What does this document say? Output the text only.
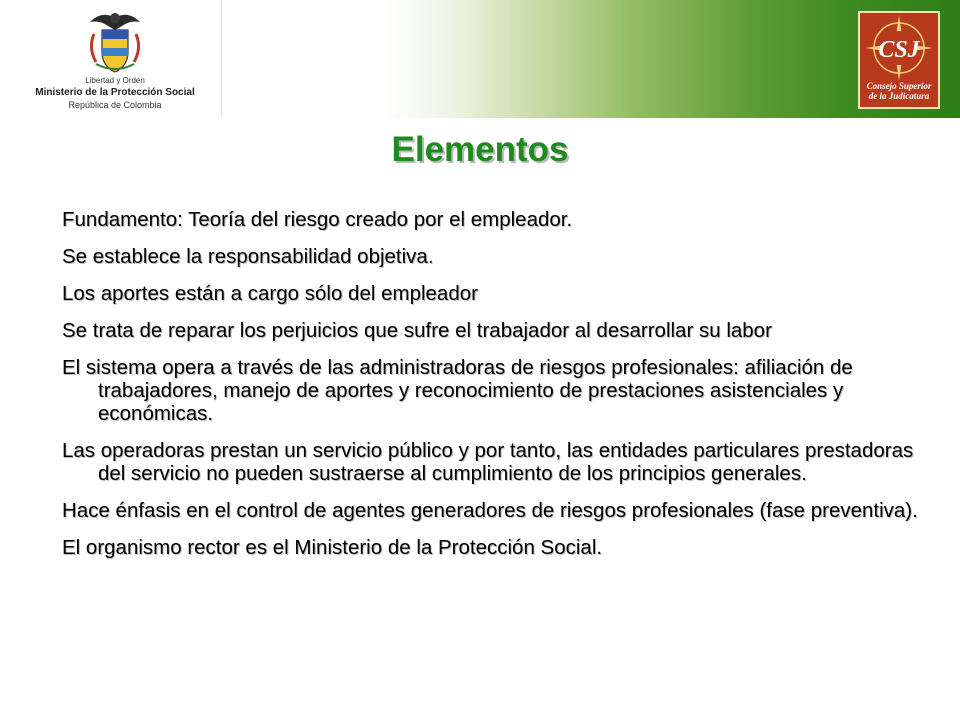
Libertad y Orden
Ministerio de la Protección Social
República de Colombia
CSJ
Consejo Superior
de la Judicatura
Elementos
Fundamento: Teoría del riesgo creado por el empleador.
Se establece la responsabilidad objetiva.
Los aportes están a cargo sólo del empleador
Se trata de reparar los perjuicios que sufre el trabajador al desarrollar su labor
El sistema opera a través de las administradoras de riesgos profesionales: afiliación de trabajadores, manejo de aportes y reconocimiento de prestaciones asistenciales y económicas.
Las operadoras prestan un servicio público y por tanto, las entidades particulares prestadoras del servicio no pueden sustraerse al cumplimiento de los principios generales.
Hace énfasis en el control de agentes generadores de riesgos profesionales (fase preventiva).
El organismo rector es el Ministerio de la Protección Social.
